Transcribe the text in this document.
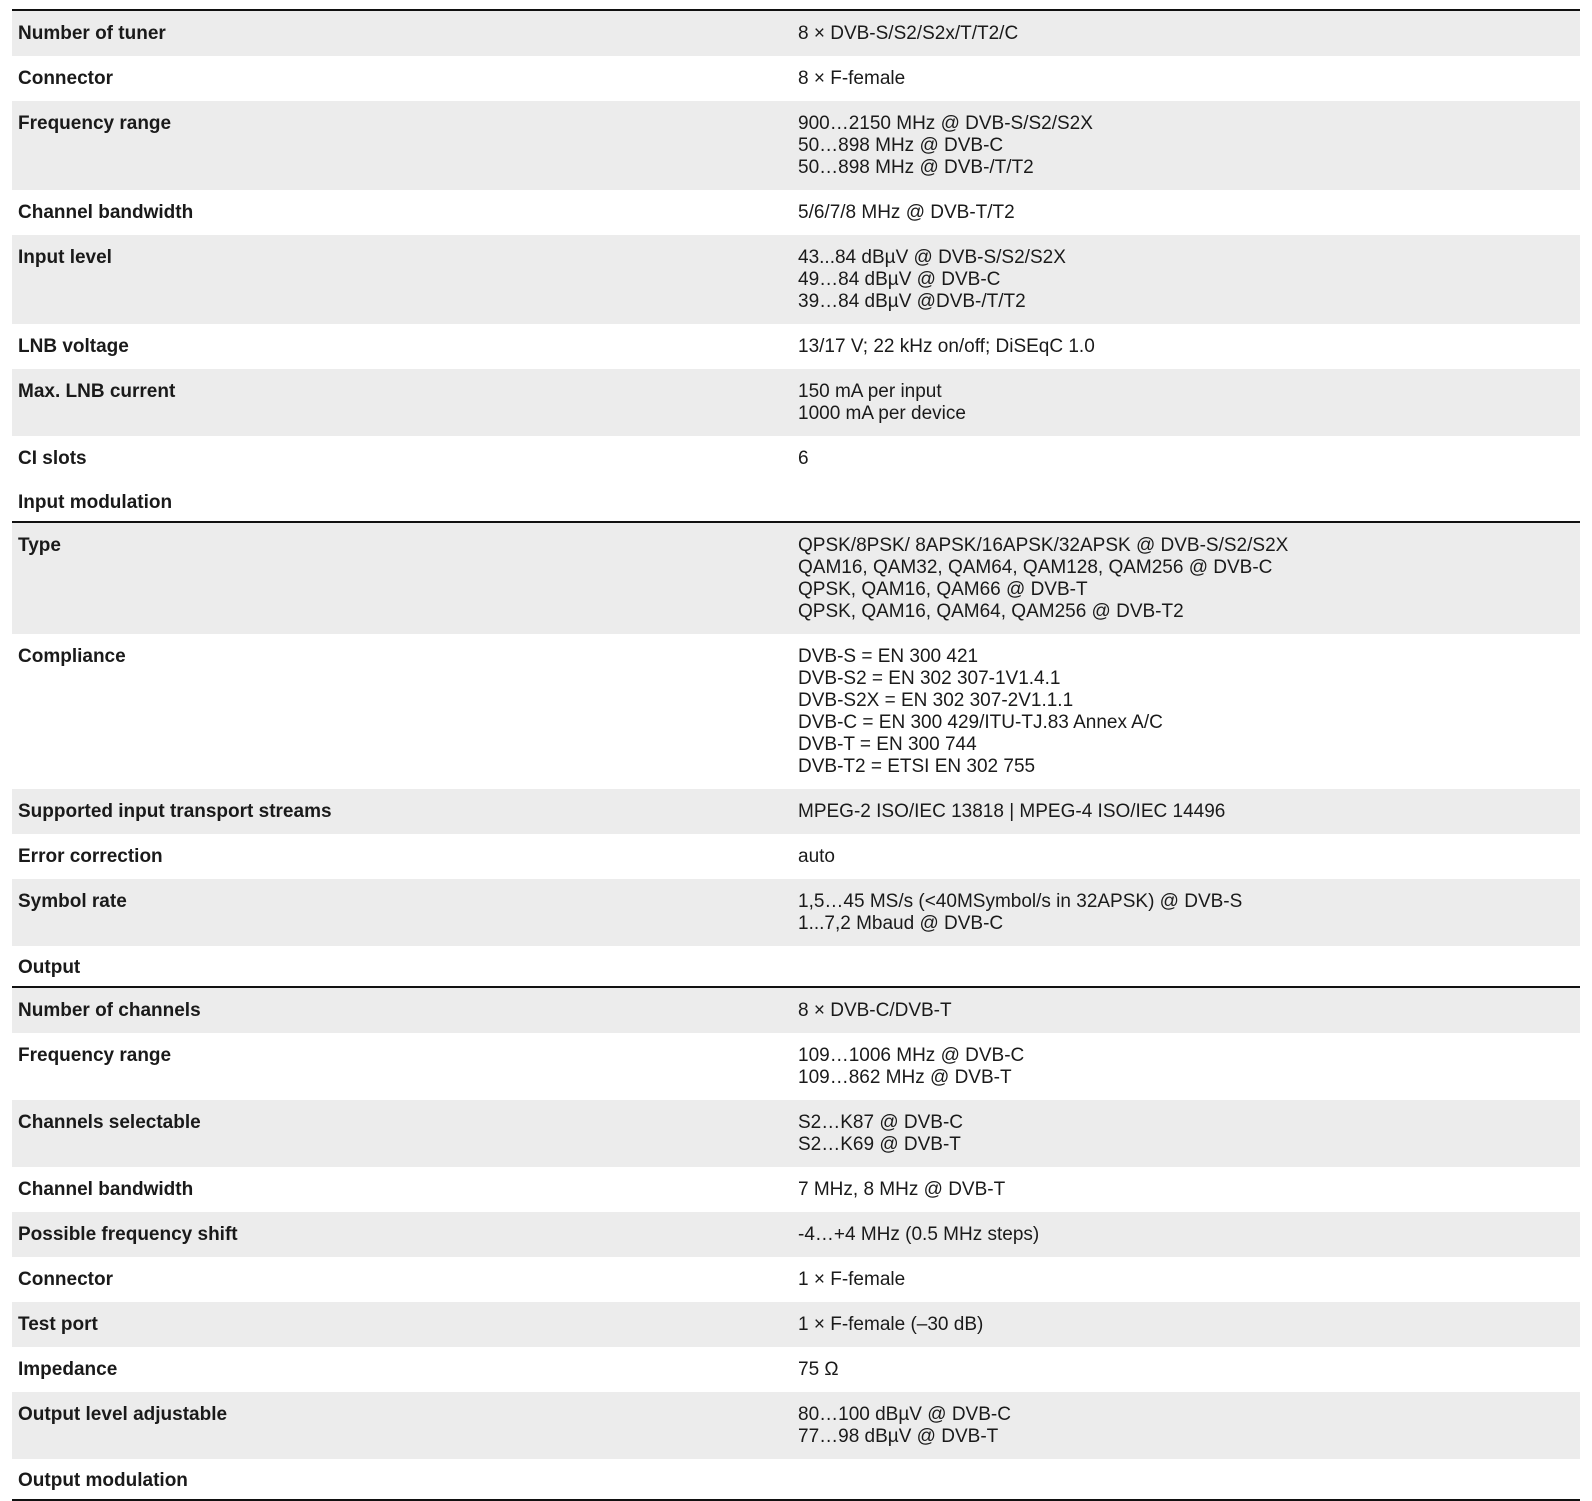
Number of tuner	8 × DVB-S/S2/S2x/T/T2/C
Connector	8 × F-female
Frequency range	900…2150 MHz @ DVB-S/S2/S2X
50…898 MHz @ DVB-C
50…898 MHz @ DVB-/T/T2
Channel bandwidth	5/6/7/8 MHz @ DVB-T/T2
Input level	43...84 dBµV @ DVB-S/S2/S2X
49…84 dBµV @ DVB-C
39…84 dBµV @DVB-/T/T2
LNB voltage	13/17 V; 22 kHz on/off; DiSEqC 1.0
Max. LNB current	150 mA per input
1000 mA per device
CI slots	6
Input modulation
Type	QPSK/8PSK/ 8APSK/16APSK/32APSK @ DVB-S/S2/S2X
QAM16, QAM32, QAM64, QAM128, QAM256 @ DVB-C
QPSK, QAM16, QAM66 @ DVB-T
QPSK, QAM16, QAM64, QAM256 @ DVB-T2
Compliance	DVB-S = EN 300 421
DVB-S2 = EN 302 307-1V1.4.1
DVB-S2X = EN 302 307-2V1.1.1
DVB-C = EN 300 429/ITU-TJ.83 Annex A/C
DVB-T = EN 300 744
DVB-T2 = ETSI EN 302 755
Supported input transport streams	MPEG-2 ISO/IEC 13818 | MPEG-4 ISO/IEC 14496
Error correction	auto
Symbol rate	1,5…45 MS/s (<40MSymbol/s in 32APSK) @ DVB-S
1...7,2 Mbaud @ DVB-C
Output
Number of channels	8 × DVB-C/DVB-T
Frequency range	109…1006 MHz @ DVB-C
109…862 MHz @ DVB-T
Channels selectable	S2…K87 @ DVB-C
S2…K69 @ DVB-T
Channel bandwidth	7 MHz, 8 MHz @ DVB-T
Possible frequency shift	-4…+4 MHz (0.5 MHz steps)
Connector	1 × F-female
Test port	1 × F-female (–30 dB)
Impedance	75 Ω
Output level adjustable	80…100 dBµV @ DVB-C
77…98 dBµV @ DVB-T
Output modulation
